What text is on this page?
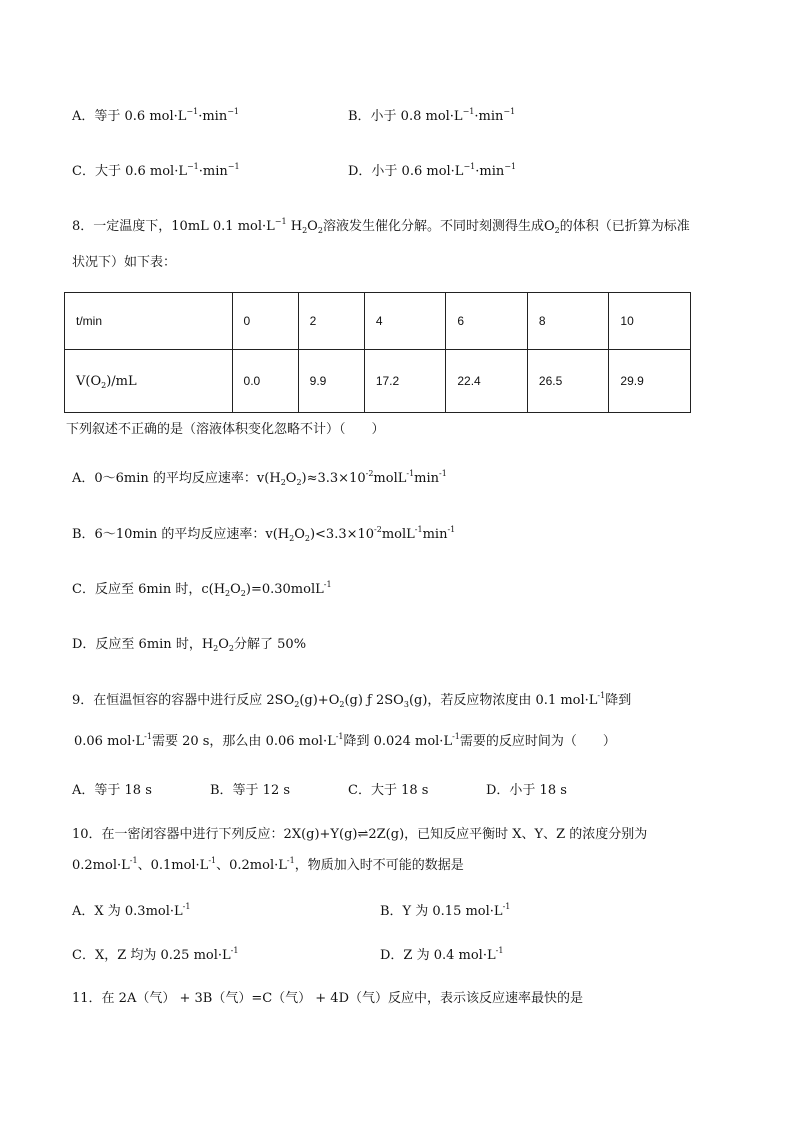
A．等于 0.6 $mol\cdot L^{-1}\cdot\min^{-1}$	B．小于 0.8 $mol\cdot L^{-1}\cdot\min^{-1}$
C．大于 0.6 $mol\cdot L^{-1}\cdot\min^{-1}$	D．小于 0.6 $mol\cdot L^{-1}\cdot\min^{-1}$
8．一定温度下，10mL 0.1 $mol\cdot L^{-1}$ $H_2O_2$溶液发生催化分解。不同时刻测得生成$O_2$的体积（已折算为标准
状况下）如下表：
t/min	0	2	4	6	8	10
$V(O_2)/mL$	0.0	9.9	17.2	22.4	26.5	29.9
下列叙述不正确的是（溶液体积变化忽略不计）（　　）
A．0～6min 的平均反应速率：$v(H_2O_2)\approx 3.3\times 10^{-2}molL^{-1}\min^{-1}$
B．6～10min 的平均反应速率：$v(H_2O_2)<3.3\times 10^{-2}molL^{-1}\min^{-1}$
C．反应至 6min 时，$c(H_2O_2)=0.30molL^{-1}$
D．反应至 6min 时，$H_2O_2$分解了 50%
9．在恒温恒容的容器中进行反应 $2SO_2(g)+O_2(g)$ ƒ $2SO_3(g)$，若反应物浓度由 0.1 $mol\cdot L^{-1}$降到
0.06 $mol\cdot L^{-1}$需要 20 s，那么由 0.06 $mol\cdot L^{-1}$降到 0.024 $mol\cdot L^{-1}$需要的反应时间为（　　）
A．等于 18 s	B．等于 12 s	C．大于 18 s	D．小于 18 s
10．在一密闭容器中进行下列反应：2X(g)+Y(g)⇌2Z(g)，已知反应平衡时 X、Y、Z 的浓度分别为
$0.2mol\cdot L^{-1}$、$0.1mol\cdot L^{-1}$、$0.2mol\cdot L^{-1}$，物质加入时不可能的数据是
A．X 为 $0.3mol\cdot L^{-1}$	B．Y 为 0.15 $mol\cdot L^{-1}$
C．X，Z 均为 0.25 $mol\cdot L^{-1}$	D．Z 为 0.4 $mol\cdot L^{-1}$
11．在 2A（气） + 3B（气）=C（气） + 4D（气）反应中，表示该反应速率最快的是
